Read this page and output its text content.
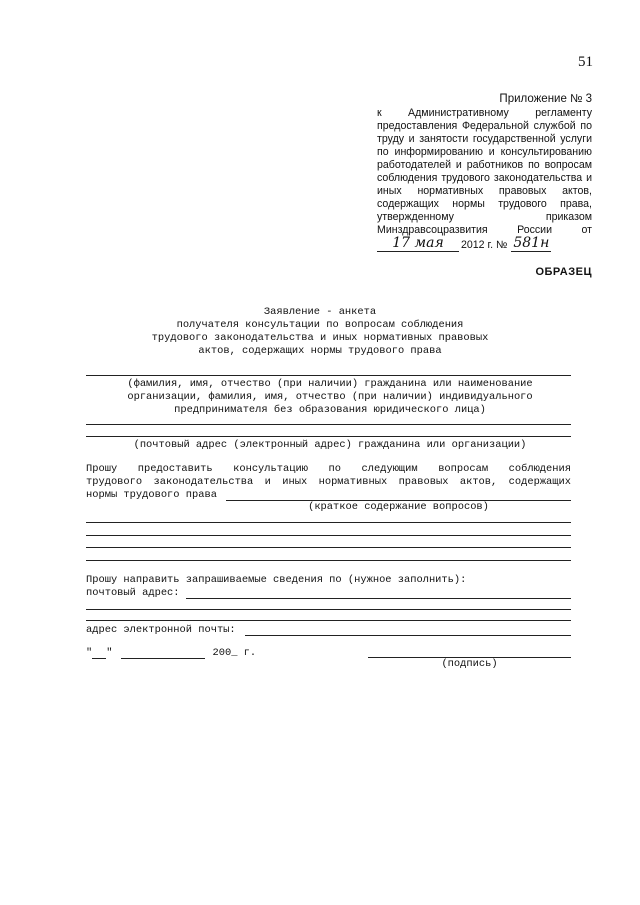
51
Приложение № 3
к Административному регламенту
предоставления Федеральной службой по труду и занятости государственной услуги по информированию и консультированию работодателей и работников по вопросам соблюдения трудового законодательства и иных нормативных правовых актов, содержащих нормы трудового права,
утвержденному	приказом
Минздравсоцразвития	России	от
17 мая	2012 г. № 581н
ОБРАЗЕЦ
Заявление - анкета
получателя консультации по вопросам соблюдения
трудового законодательства и иных нормативных правовых
актов, содержащих нормы трудового права
(фамилия, имя, отчество (при наличии) гражданина или наименование
организации, фамилия, имя, отчество (при наличии) индивидуального
предпринимателя без образования юридического лица)
(почтовый адрес (электронный адрес) гражданина или организации)
Прошу предоставить консультацию по следующим вопросам соблюдения
трудового законодательства и иных нормативных правовых актов, содержащих
нормы трудового права
(краткое содержание вопросов)
Прошу направить запрашиваемые сведения по (нужное заполнить):
почтовый адрес:
адрес электронной почты:
" "
	200_ г.
(подпись)
